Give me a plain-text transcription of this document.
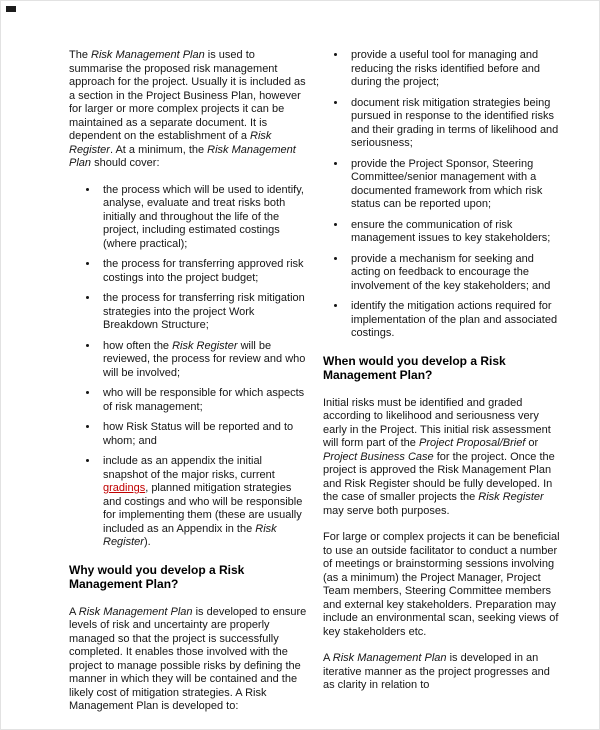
The Risk Management Plan is used to summarise the proposed risk management approach for the project. Usually it is included as a section in the Project Business Plan, however for larger or more complex projects it can be maintained as a separate document. It is dependent on the establishment of a Risk Register. At a minimum, the Risk Management Plan should cover:

• the process which will be used to identify, analyse, evaluate and treat risks both initially and throughout the life of the project, including estimated costings (where practical);
• the process for transferring approved risk costings into the project budget;
• the process for transferring risk mitigation strategies into the project Work Breakdown Structure;
• how often the Risk Register will be reviewed, the process for review and who will be involved;
• who will be responsible for which aspects of risk management;
• how Risk Status will be reported and to whom; and
• include as an appendix the initial snapshot of the major risks, current gradings, planned mitigation strategies and costings and who will be responsible for implementing them (these are usually included as an Appendix in the Risk Register).
Why would you develop a Risk Management Plan?

A Risk Management Plan is developed to ensure levels of risk and uncertainty are properly managed so that the project is successfully completed. It enables those involved with the project to manage possible risks by defining the manner in which they will be contained and the likely cost of mitigation strategies. A Risk Management Plan is developed to:

• provide a useful tool for managing and reducing the risks identified before and during the project;
• document risk mitigation strategies being pursued in response to the identified risks and their grading in terms of likelihood and seriousness;
• provide the Project Sponsor, Steering Committee/senior management with a documented framework from which risk status can be reported upon;
• ensure the communication of risk management issues to key stakeholders;
• provide a mechanism for seeking and acting on feedback to encourage the involvement of the key stakeholders; and
• identify the mitigation actions required for implementation of the plan and associated costings.
When would you develop a Risk Management Plan?

Initial risks must be identified and graded according to likelihood and seriousness very early in the Project. This initial risk assessment will form part of the Project Proposal/Brief or Project Business Case for the project. Once the project is approved the Risk Management Plan and Risk Register should be fully developed. In the case of smaller projects the Risk Register may serve both purposes.

For large or complex projects it can be beneficial to use an outside facilitator to conduct a number of meetings or brainstorming sessions involving (as a minimum) the Project Manager, Project Team members, Steering Committee members and external key stakeholders. Preparation may include an environmental scan, seeking views of key stakeholders etc.

A Risk Management Plan is developed in an iterative manner as the project progresses and as clarity in relation to
